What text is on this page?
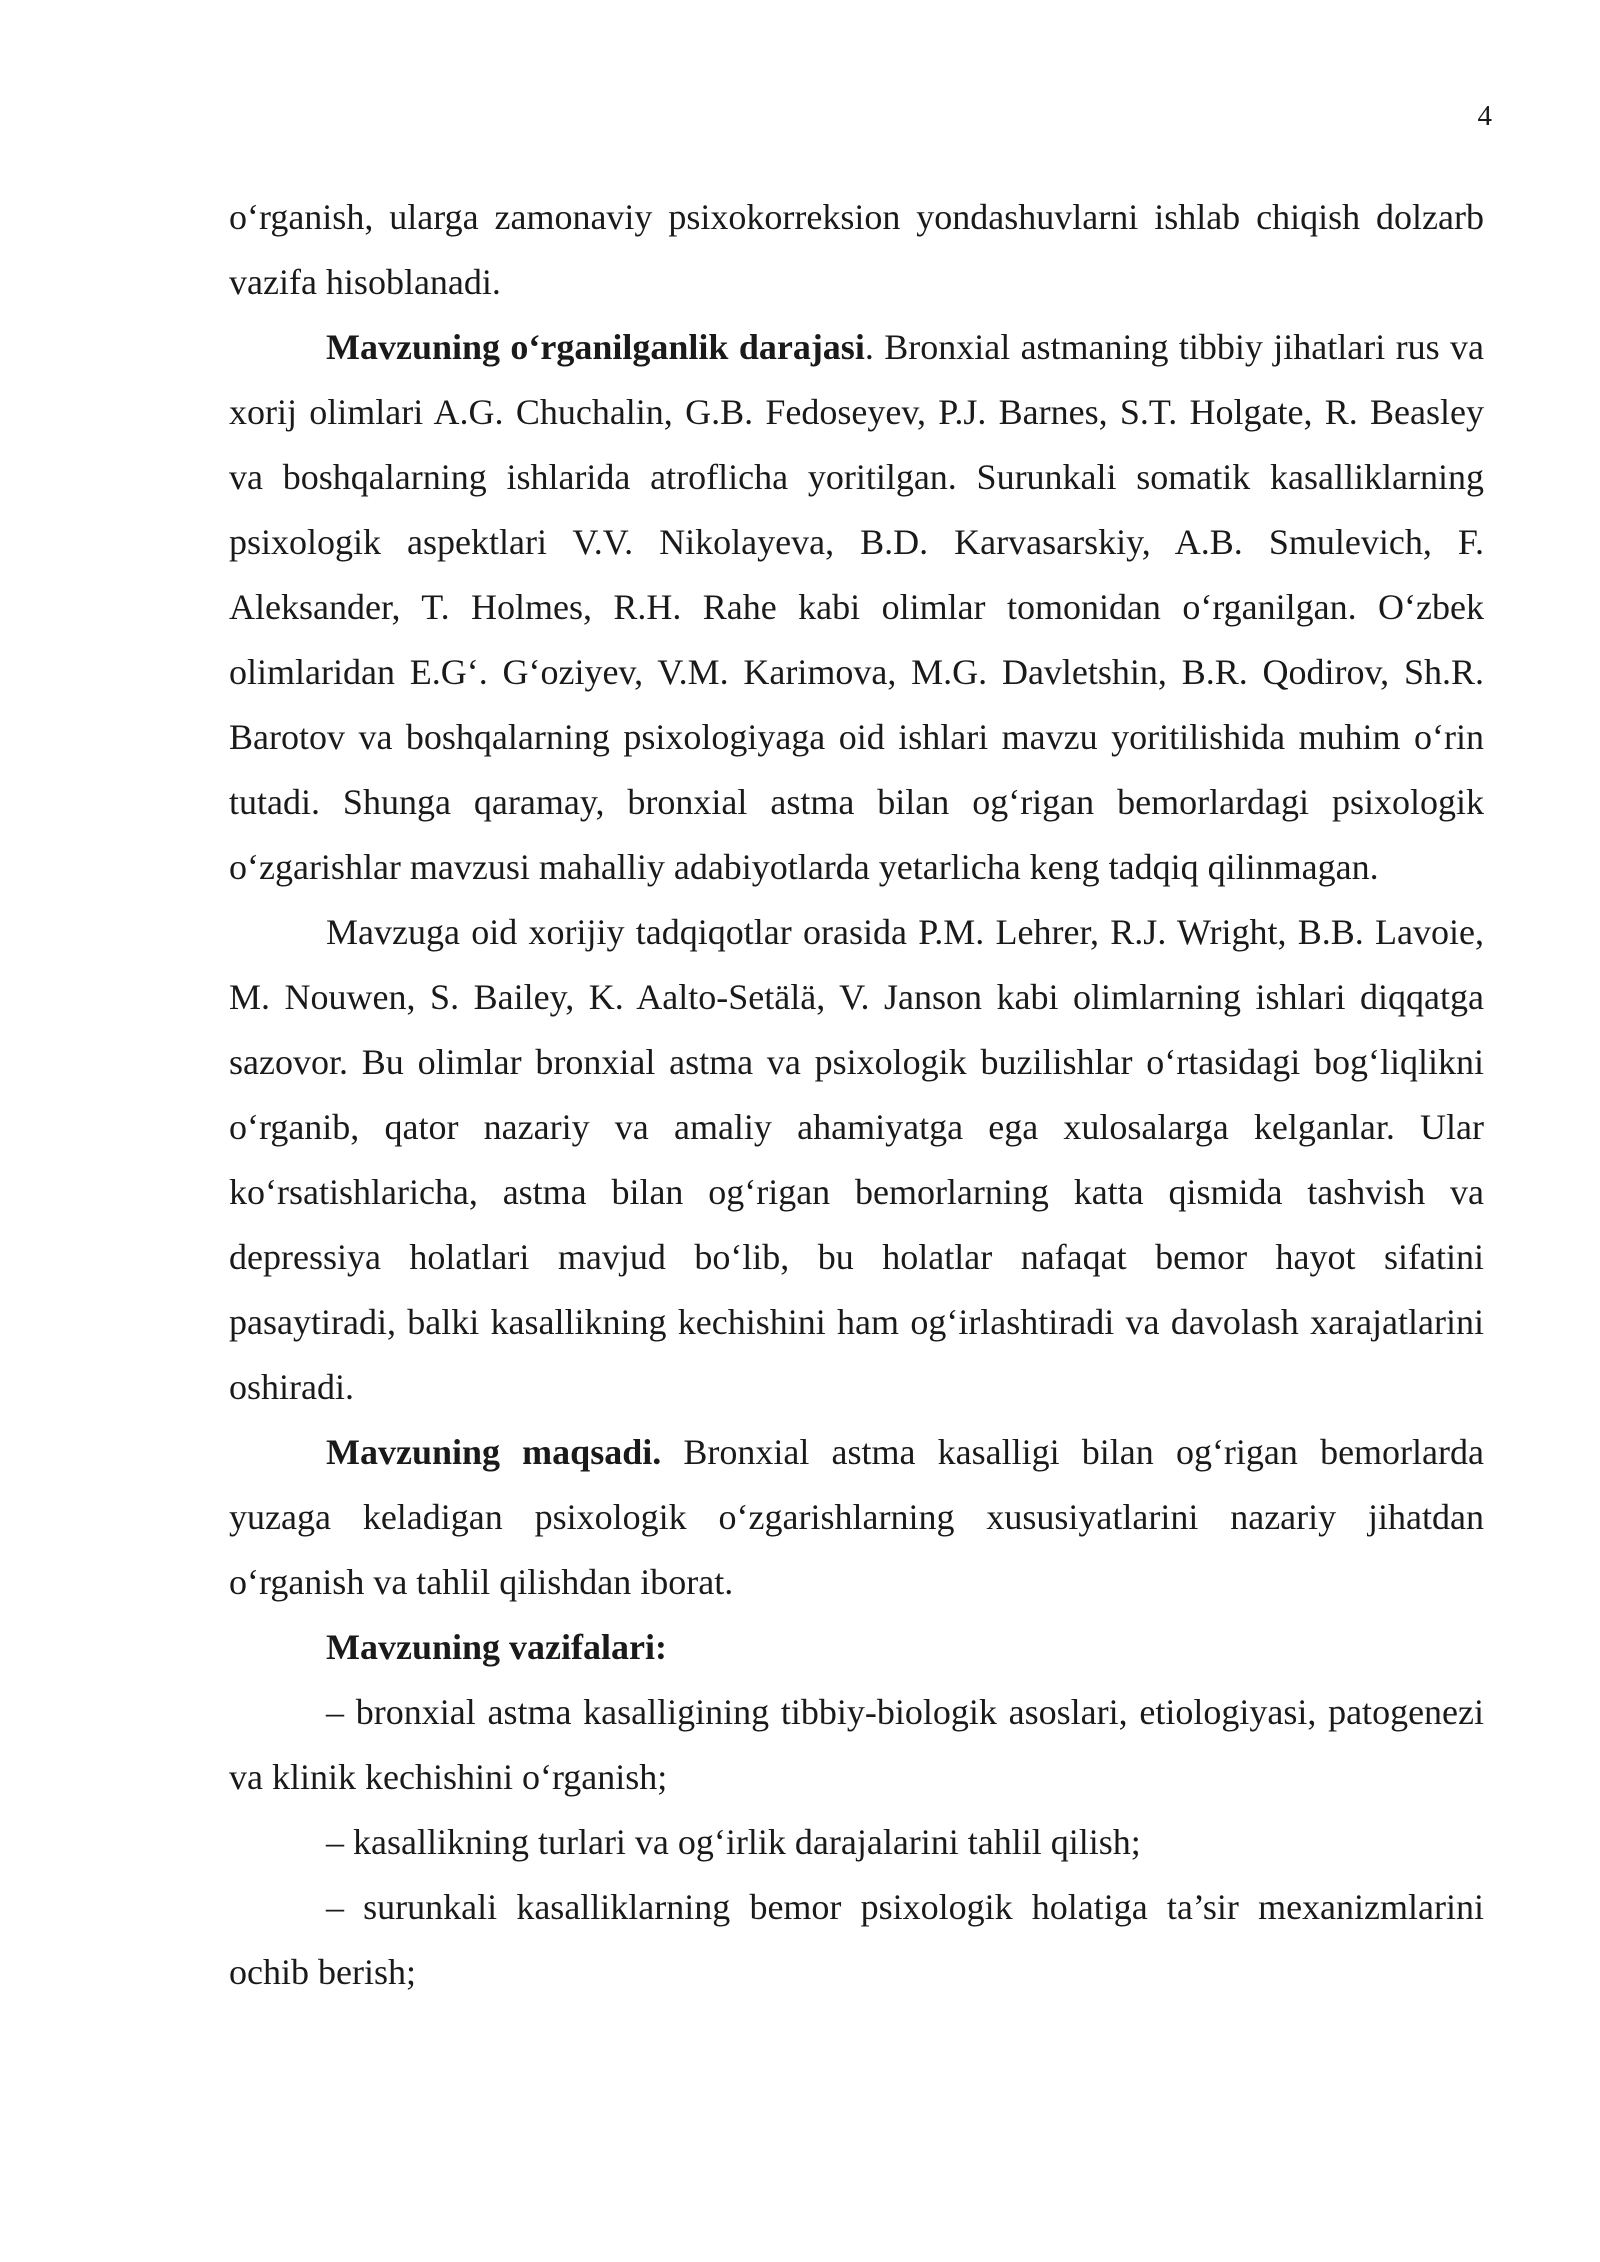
4

o‘rganish, ularga zamonaviy psixokorreksion yondashuvlarni ishlab chiqish dolzarb vazifa hisoblanadi.

Mavzuning o‘rganilganlik darajasi. Bronxial astmaning tibbiy jihatlari rus va xorij olimlari A.G. Chuchalin, G.B. Fedoseyev, P.J. Barnes, S.T. Holgate, R. Beasley va boshqalarning ishlarida atroflicha yoritilgan. Surunkali somatik kasalliklarning psixologik aspektlari V.V. Nikolayeva, B.D. Karvasarskiy, A.B. Smulevich, F. Aleksander, T. Holmes, R.H. Rahe kabi olimlar tomonidan o‘rganilgan. O‘zbek olimlaridan E.G‘. G‘oziyev, V.M. Karimova, M.G. Davletshin, B.R. Qodirov, Sh.R. Barotov va boshqalarning psixologiyaga oid ishlari mavzu yoritilishida muhim o‘rin tutadi. Shunga qaramay, bronxial astma bilan og‘rigan bemorlardagi psixologik o‘zgarishlar mavzusi mahalliy adabiyotlarda yetarlicha keng tadqiq qilinmagan.

Mavzuga oid xorijiy tadqiqotlar orasida P.M. Lehrer, R.J. Wright, B.B. Lavoie, M. Nouwen, S. Bailey, K. Aalto-Setälä, V. Janson kabi olimlarning ishlari diqqatga sazovor. Bu olimlar bronxial astma va psixologik buzilishlar o‘rtasidagi bog‘liqlikni o‘rganib, qator nazariy va amaliy ahamiyatga ega xulosalarga kelganlar. Ular ko‘rsatishlaricha, astma bilan og‘rigan bemorlarning katta qismida tashvish va depressiya holatlari mavjud bo‘lib, bu holatlar nafaqat bemor hayot sifatini pasaytiradi, balki kasallikning kechishini ham og‘irlashtiradi va davolash xarajatlarini oshiradi.

Mavzuning maqsadi. Bronxial astma kasalligi bilan og‘rigan bemorlarda yuzaga keladigan psixologik o‘zgarishlarning xususiyatlarini nazariy jihatdan o‘rganish va tahlil qilishdan iborat.

Mavzuning vazifalari:

– bronxial astma kasalligining tibbiy-biologik asoslari, etiologiyasi, patogenezi va klinik kechishini o‘rganish;

– kasallikning turlari va og‘irlik darajalarini tahlil qilish;

– surunkali kasalliklarning bemor psixologik holatiga ta’sir mexanizmlarini ochib berish;
